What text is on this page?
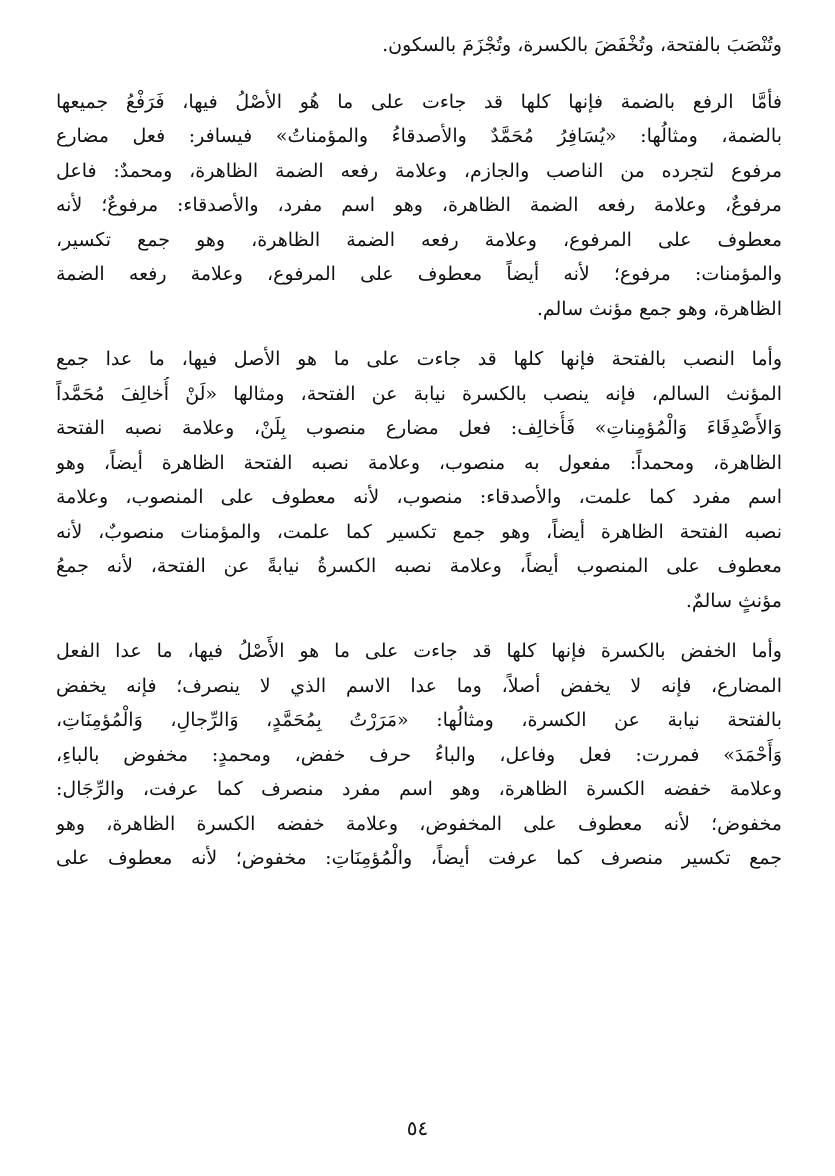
وتُنْصَبَ بالفتحة، وتُخْفَضَ بالكسرة، وتُجْزَمَ بالسكون.
فأمَّا الرفع بالضمة فإنها كلها قد جاءت على ما هُو الأصْلُ فيها، فَرَفْعُ جميعها
بالضمة، ومثالُها: «يُسَافِرُ مُحَمَّدٌ والأصدقاءُ والمؤمناتُ» فيسافر: فعل مضارع
مرفوع لتجرده من الناصب والجازم، وعلامة رفعه الضمة الظاهرة، ومحمدٌ: فاعل
مرفوعٌ، وعلامة رفعه الضمة الظاهرة، وهو اسم مفرد، والأصدقاء: مرفوعٌ؛ لأنه
معطوف على المرفوع، وعلامة رفعه الضمة الظاهرة، وهو جمع تكسير،
والمؤمنات: مرفوع؛ لأنه أيضاً معطوف على المرفوع، وعلامة رفعه الضمة
الظاهرة، وهو جمع مؤنث سالم.
وأما النصب بالفتحة فإنها كلها قد جاءت على ما هو الأصل فيها، ما عدا جمع
المؤنث السالم، فإنه ينصب بالكسرة نيابة عن الفتحة، ومثالها «لَنْ أُخالِفَ مُحَمَّداً
وَالأَصْدِقَاءَ وَالْمُؤمِناتِ» فَأُخالِف: فعل مضارع منصوب بِلَنْ، وعلامة نصبه الفتحة
الظاهرة، ومحمداً: مفعول به منصوب، وعلامة نصبه الفتحة الظاهرة أيضاً، وهو
اسم مفرد كما علمت، والأصدقاء: منصوب، لأنه معطوف على المنصوب، وعلامة
نصبه الفتحة الظاهرة أيضاً، وهو جمع تكسير كما علمت، والمؤمنات منصوبٌ، لأنه
معطوف على المنصوب أيضاً، وعلامة نصبه الكسرةُ نيابةً عن الفتحة، لأنه جمعُ
مؤنثٍ سالمٌ.
وأما الخفض بالكسرة فإنها كلها قد جاءت على ما هو الأَصْلُ فيها، ما عدا الفعل
المضارع، فإنه لا يخفض أصلاً، وما عدا الاسم الذي لا ينصرف؛ فإنه يخفض
بالفتحة نيابة عن الكسرة، ومثالُها: «مَرَرْتُ بِمُحَمَّدٍ، وَالرِّجالِ، وَالْمُؤمِنَاتِ،
وَأَحْمَدَ» فمررت: فعل وفاعل، والباءُ حرف خفض، ومحمدٍ: مخفوض بالباءِ،
وعلامة خفضه الكسرة الظاهرة، وهو اسم مفرد منصرف كما عرفت، والرِّجَال:
مخفوض؛ لأنه معطوف على المخفوض، وعلامة خفضه الكسرة الظاهرة، وهو
جمع تكسير منصرف كما عرفت أيضاً، والْمُؤمِنَاتِ: مخفوض؛ لأنه معطوف على
٥٤
